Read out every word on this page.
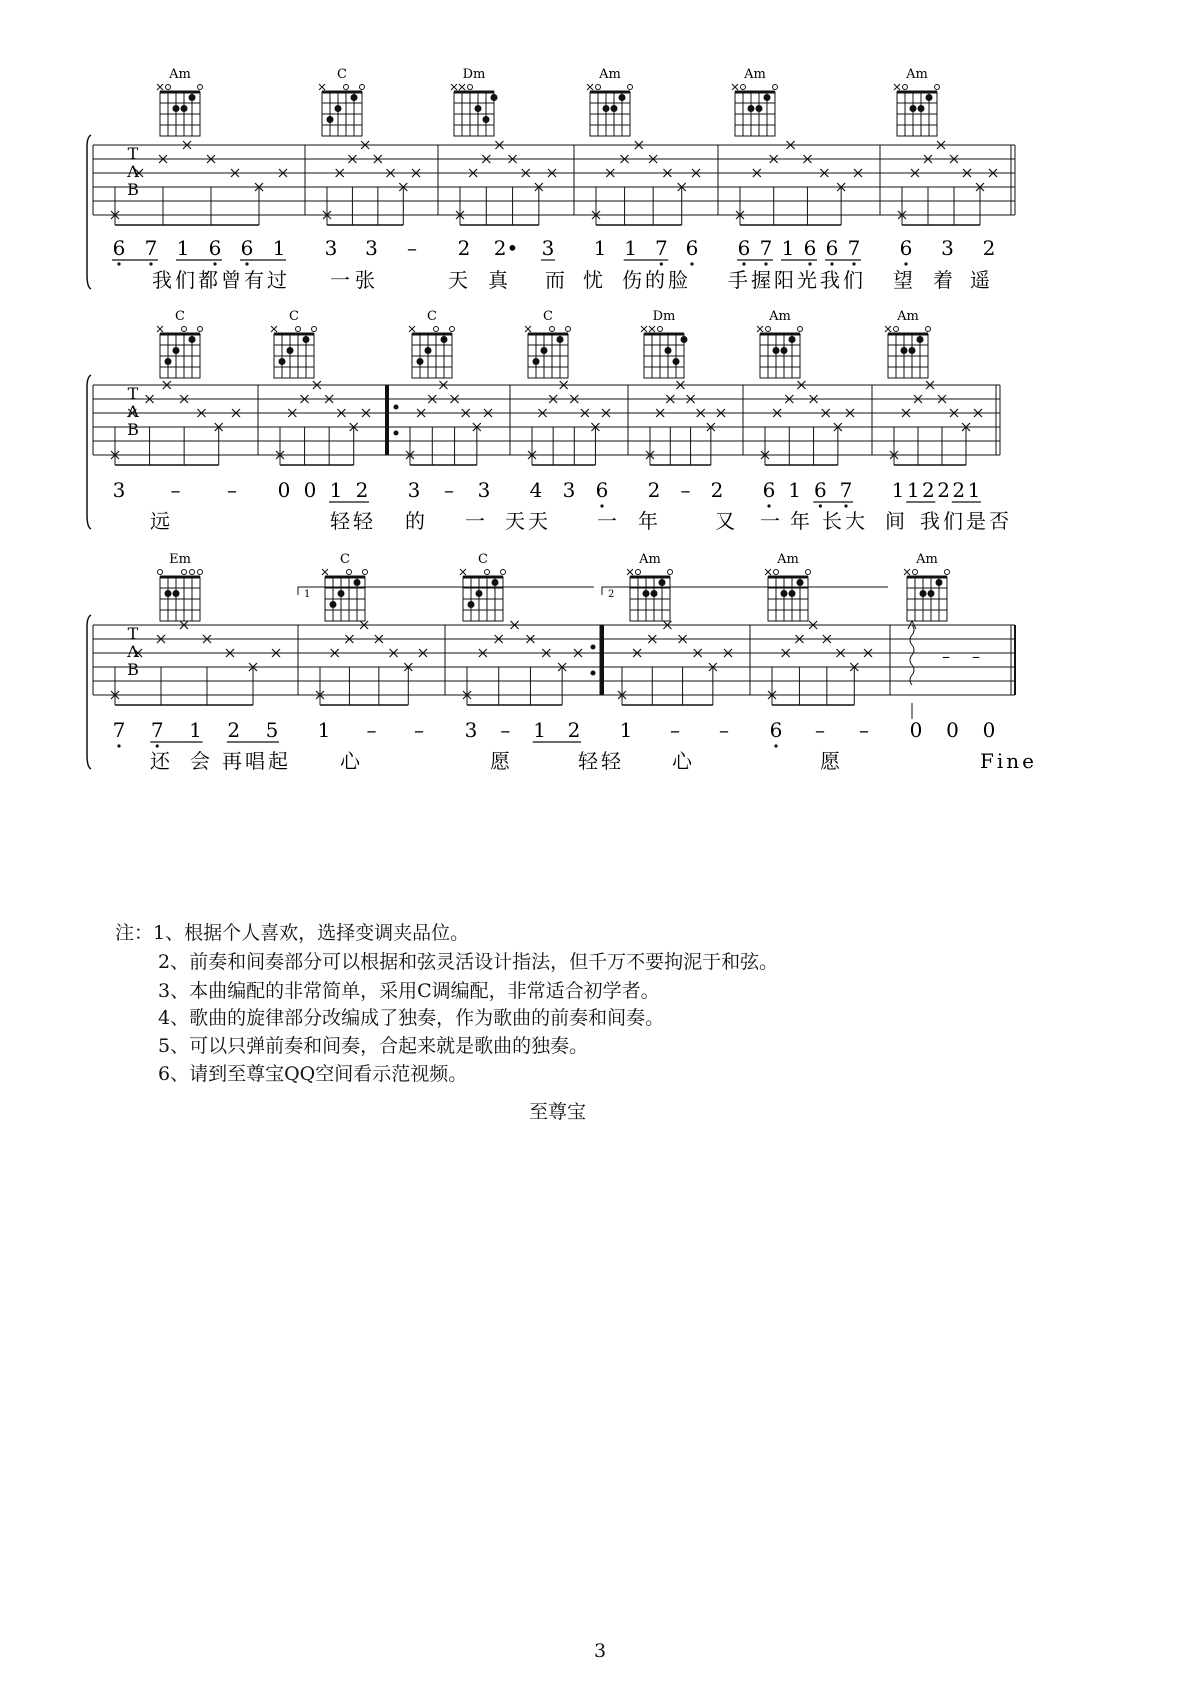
Am	C	Dm	Am	Am	Am
T
A
B
6 7 1 6 6 1 3 3 – 2 2• 3 1 1 7 6 6 7 1 6 6 7 6 3 2
我们都曾有过 一 张	天 真 而 忧 伤的脸 手握阳光我们 望 着 遥
C	C	C	C	Dm	Am	Am
T
A
B
3 – – 0 0 1 2 3 – 3 4 3 6 2 – 2 6 1 6 7 1 1 2 2 2 1
远	轻轻 的 一 天天 一 年	又 一 年 长大 间 我们是否
Em	C	C	Am	Am	Am
T
A
B
1	2
7 7 1 2 5 1 – – 3 – 1 2 1 – – 6 – –
– –
0 0 0
还 会 再唱起 心	愿	轻轻 心	愿	Fine
注：1、根据个人喜欢，选择变调夹品位。
2、前奏和间奏部分可以根据和弦灵活设计指法，但千万不要拘泥于和弦。
3、本曲编配的非常简单，采用C调编配，非常适合初学者。
4、歌曲的旋律部分改编成了独奏，作为歌曲的前奏和间奏。
5、可以只弹前奏和间奏，合起来就是歌曲的独奏。
6、请到至尊宝QQ空间看示范视频。
至尊宝
3
